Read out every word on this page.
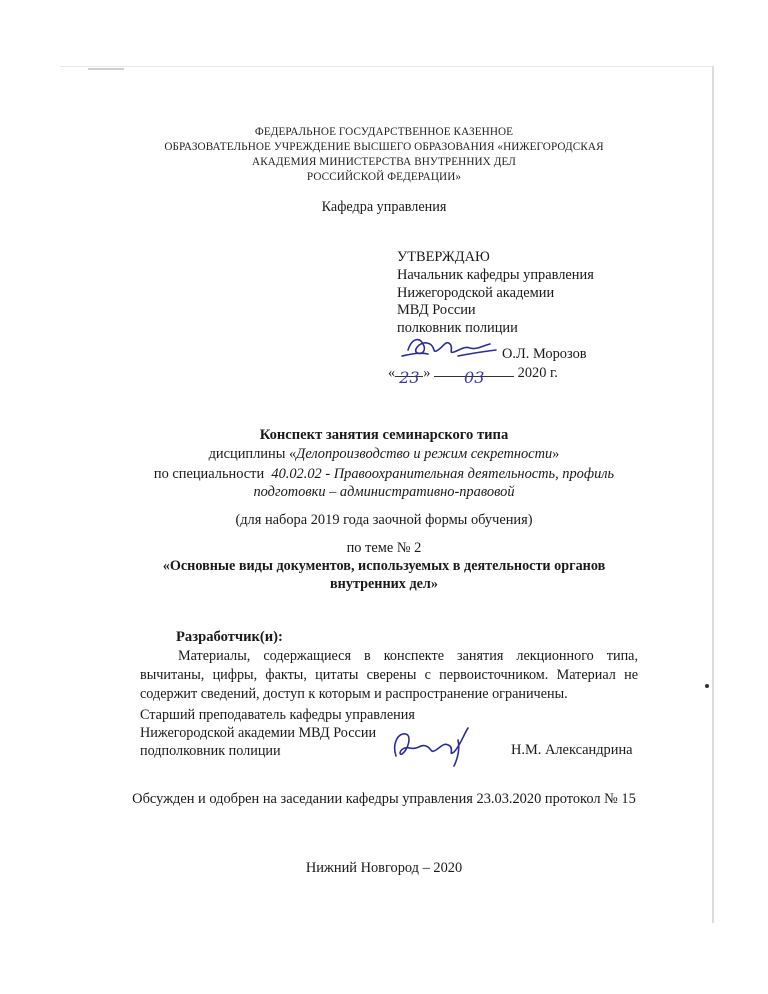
ФЕДЕРАЛЬНОЕ ГОСУДАРСТВЕННОЕ КАЗЕННОЕ
ОБРАЗОВАТЕЛЬНОЕ УЧРЕЖДЕНИЕ ВЫСШЕГО ОБРАЗОВАНИЯ «НИЖЕГОРОДСКАЯ
АКАДЕМИЯ МИНИСТЕРСТВА ВНУТРЕННИХ ДЕЛ
РОССИЙСКОЙ ФЕДЕРАЦИИ»
Кафедра управления
УТВЕРЖДАЮ
Начальник кафедры управления
Нижегородской академии
МВД России
полковник полиции
О.Л. Морозов
« 23 » 03 2020 г.
Конспект занятия семинарского типа
дисциплины «Делопроизводство и режим секретности»
по специальности  40.02.02 - Правоохранительная деятельность, профиль
подготовки – административно-правовой
(для набора 2019 года заочной формы обучения)
по теме № 2
«Основные виды документов, используемых в деятельности органов
внутренних дел»
Разработчик(и):
Материалы, содержащиеся в конспекте занятия лекционного типа, вычитаны, цифры, факты, цитаты сверены с первоисточником. Материал не содержит сведений, доступ к которым и распространение ограничены.
Старший преподаватель кафедры управления
Нижегородской академии МВД России
подполковник полиции	Н.М. Александрина
Обсужден и одобрен на заседании кафедры управления 23.03.2020 протокол № 15
Нижний Новгород – 2020
